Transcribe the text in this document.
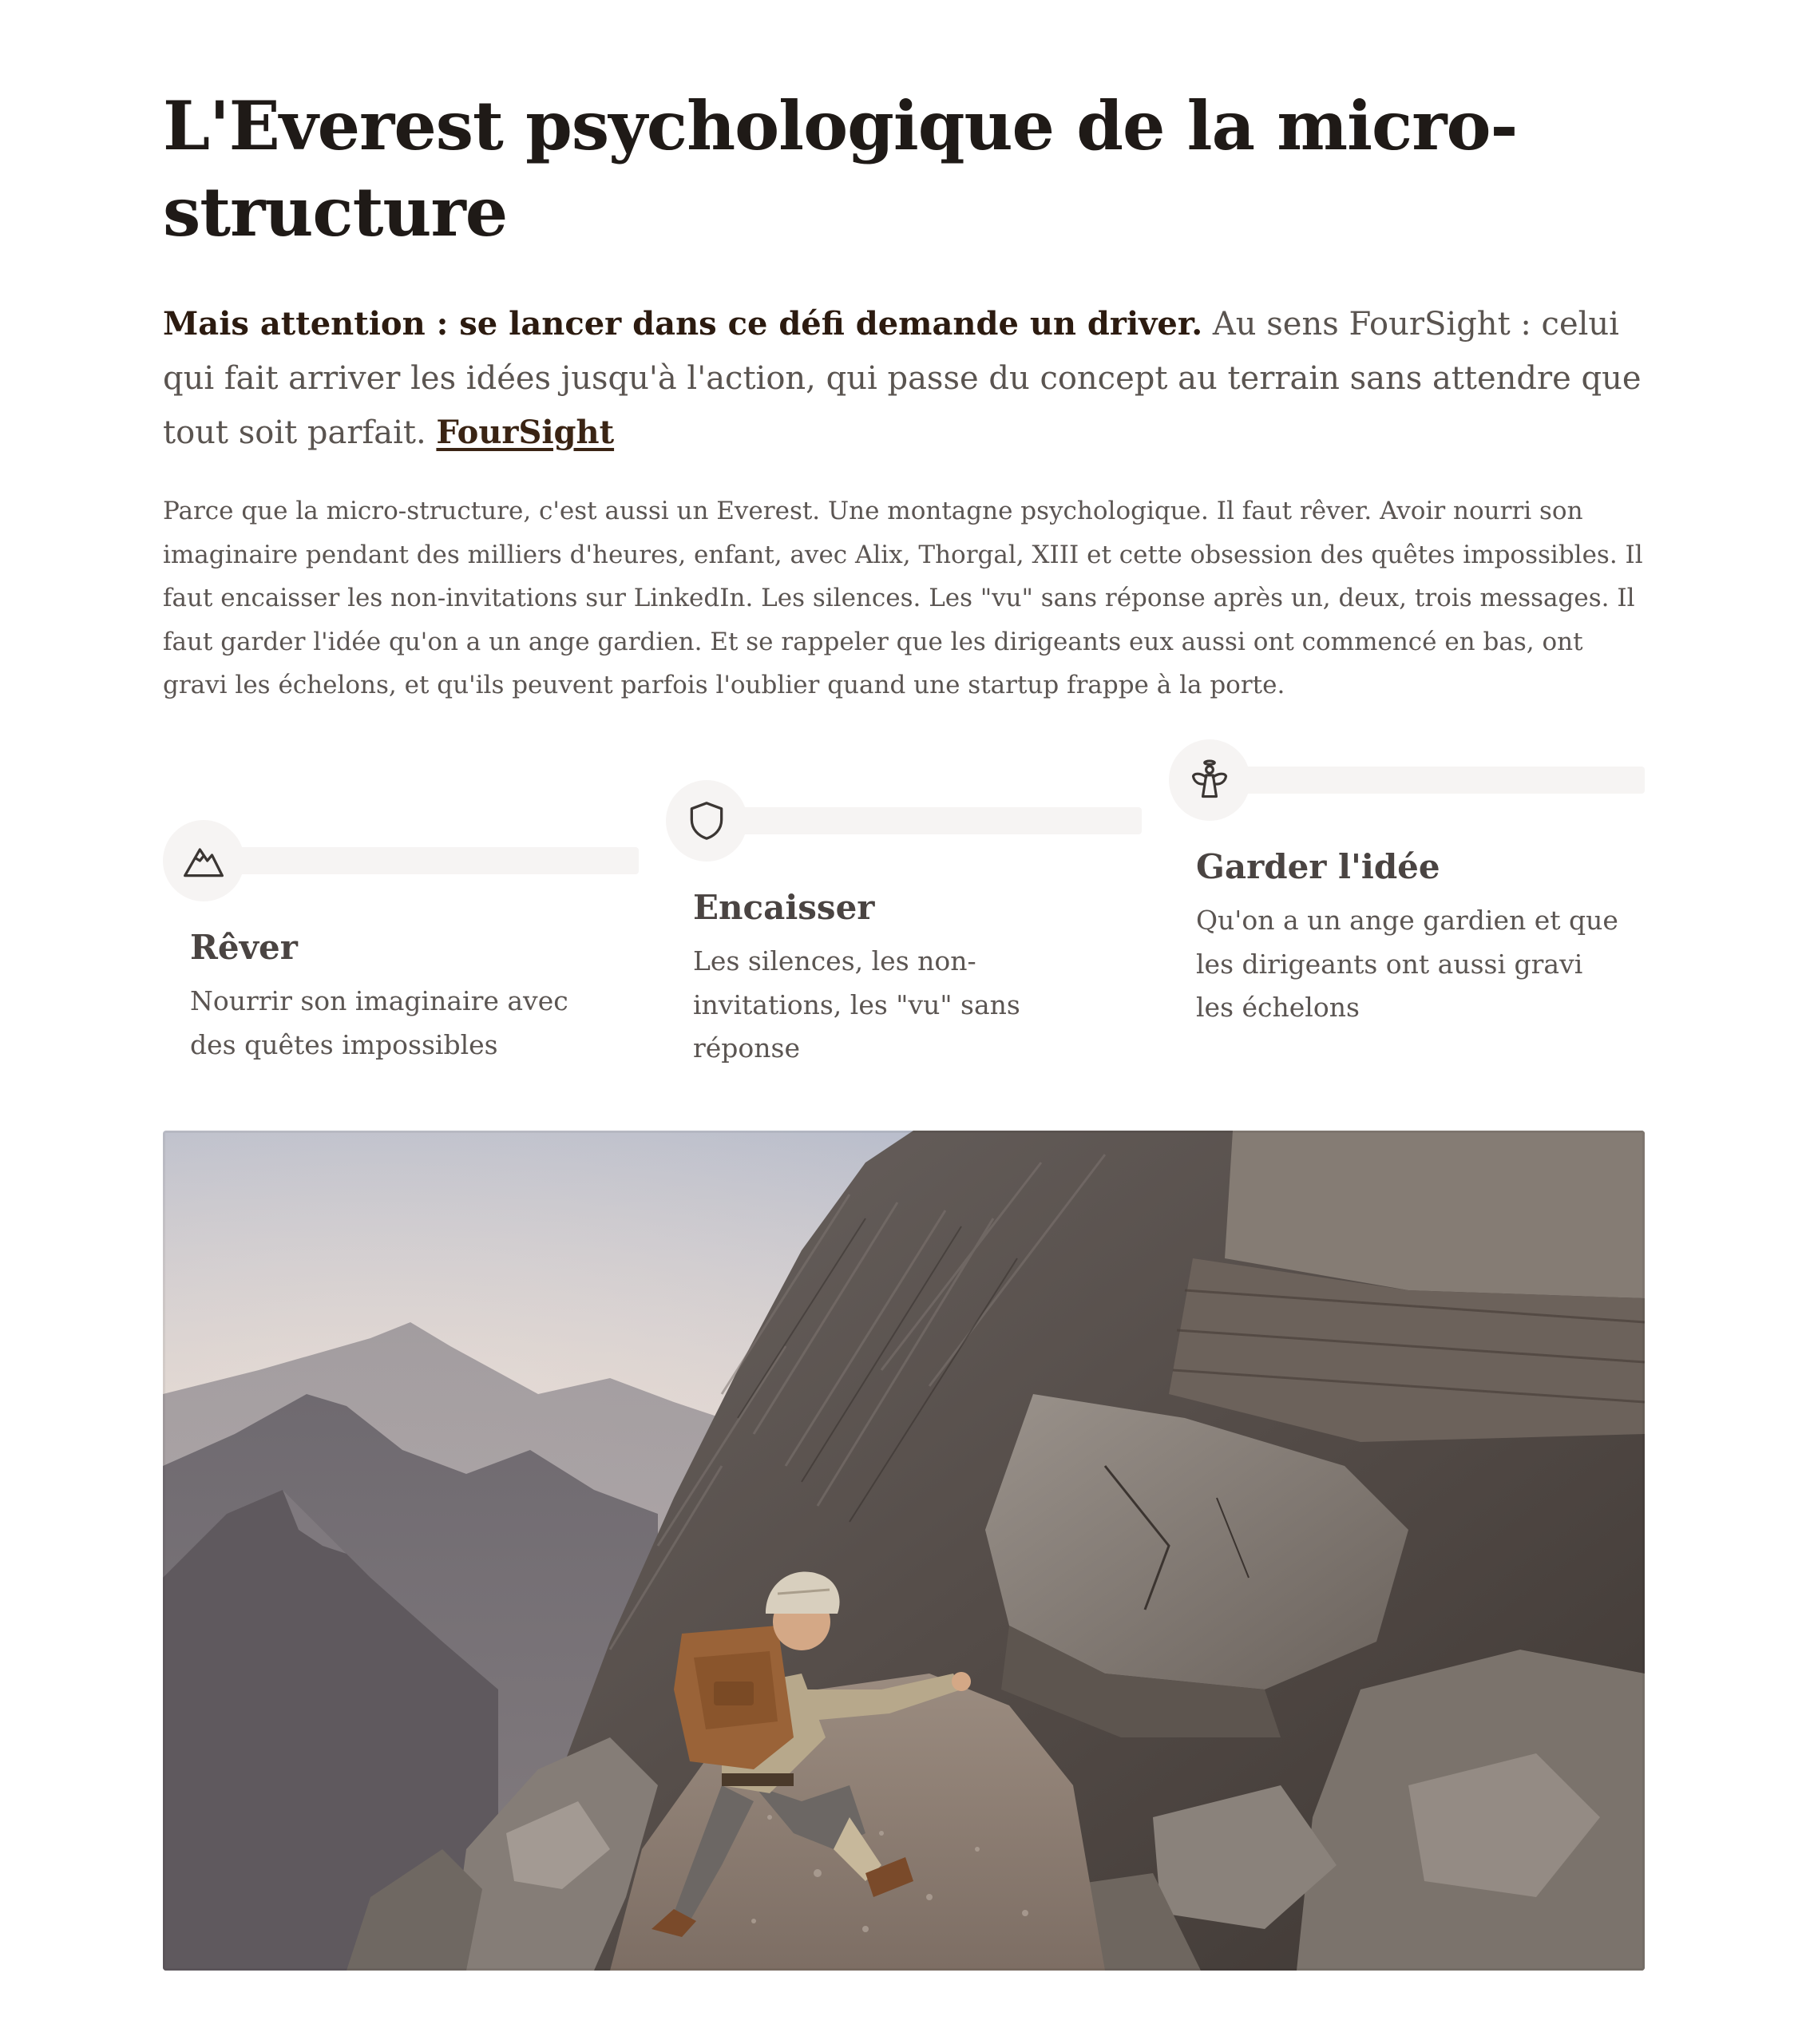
L'Everest psychologique de la micro-structure

Mais attention : se lancer dans ce défi demande un driver. Au sens FourSight : celui qui fait arriver les idées jusqu'à l'action, qui passe du concept au terrain sans attendre que tout soit parfait. FourSight

Parce que la micro-structure, c'est aussi un Everest. Une montagne psychologique. Il faut rêver. Avoir nourri son imaginaire pendant des milliers d'heures, enfant, avec Alix, Thorgal, XIII et cette obsession des quêtes impossibles. Il faut encaisser les non-invitations sur LinkedIn. Les silences. Les "vu" sans réponse après un, deux, trois messages. Il faut garder l'idée qu'on a un ange gardien. Et se rappeler que les dirigeants eux aussi ont commencé en bas, ont gravi les échelons, et qu'ils peuvent parfois l'oublier quand une startup frappe à la porte.

Rêver

Nourrir son imaginaire avec des quêtes impossibles

Encaisser

Les silences, les non-invitations, les "vu" sans réponse

Garder l'idée

Qu'on a un ange gardien et que les dirigeants ont aussi gravi les échelons
